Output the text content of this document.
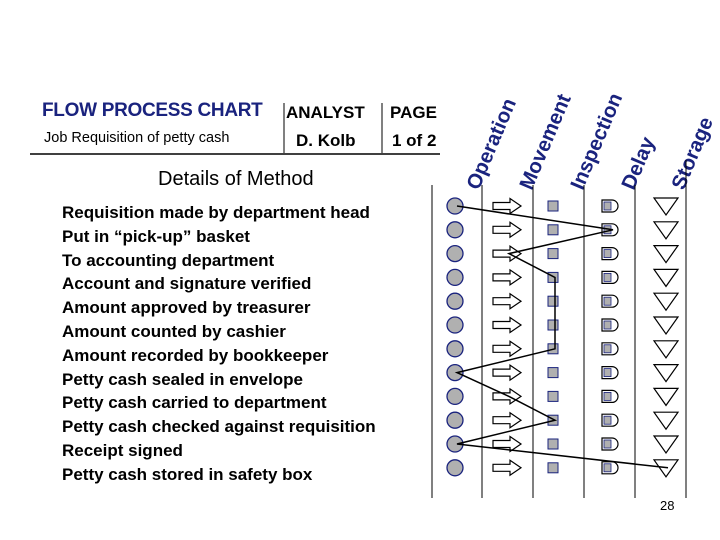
FLOW PROCESS CHART
Job Requisition of petty cash
ANALYST PAGE
D. Kolb 1 of 2
Details of Method
Requisition made by department head
Put in “pick-up” basket
To accounting department
Account and signature verified
Amount approved by treasurer
Amount counted by cashier
Amount recorded by bookkeeper
Petty cash sealed in envelope
Petty cash carried to department
Petty cash checked against requisition
Receipt signed
Petty cash stored in safety box
Operation
Movement
Inspection
Delay Storage
28
